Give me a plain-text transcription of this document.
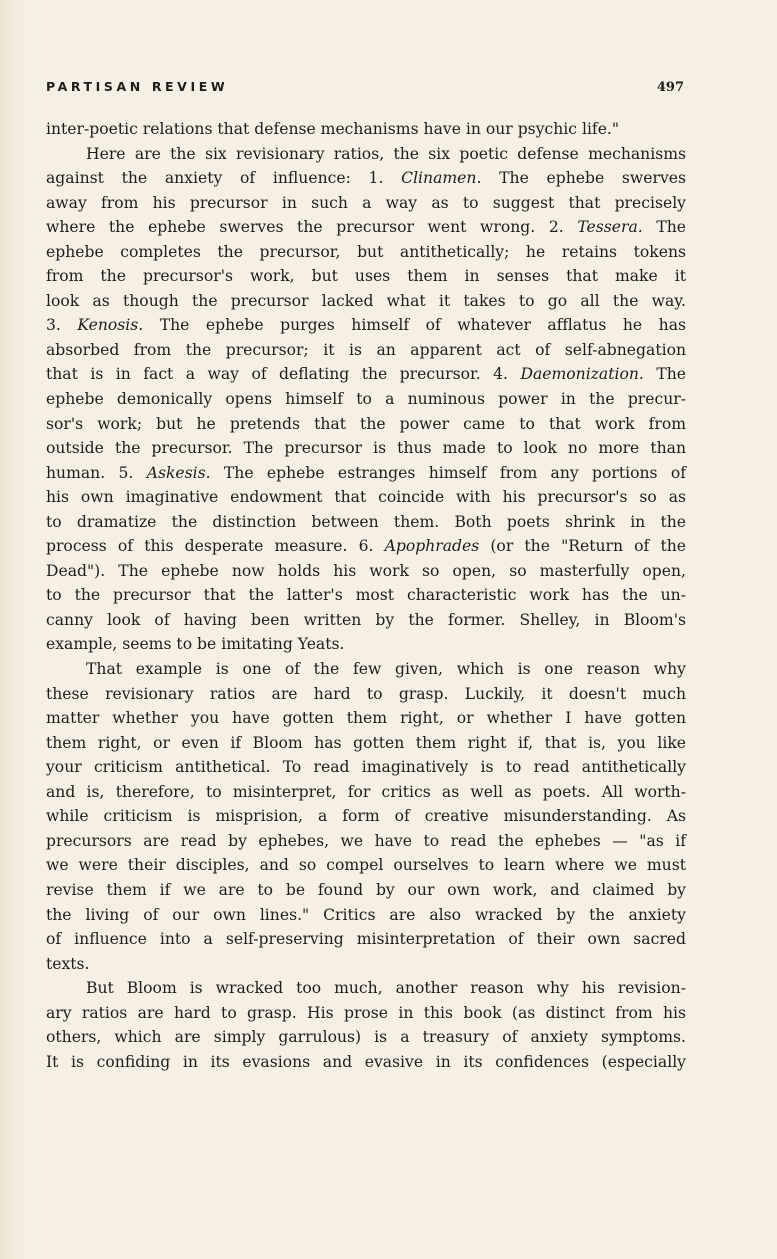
PARTISAN REVIEW	497
inter-poetic relations that defense mechanisms have in our psychic life."
Here are the six revisionary ratios, the six poetic defense mechanisms
against the anxiety of influence: 1. Clinamen. The ephebe swerves
away from his precursor in such a way as to suggest that precisely
where the ephebe swerves the precursor went wrong. 2. Tessera. The
ephebe completes the precursor, but antithetically; he retains tokens
from the precursor's work, but uses them in senses that make it
look as though the precursor lacked what it takes to go all the way.
3. Kenosis. The ephebe purges himself of whatever afflatus he has
absorbed from the precursor; it is an apparent act of self-abnegation
that is in fact a way of deflating the precursor. 4. Daemonization. The
ephebe demonically opens himself to a numinous power in the precur-
sor's work; but he pretends that the power came to that work from
outside the precursor. The precursor is thus made to look no more than
human. 5. Askesis. The ephebe estranges himself from any portions of
his own imaginative endowment that coincide with his precursor's so as
to dramatize the distinction between them. Both poets shrink in the
process of this desperate measure. 6. Apophrades (or the "Return of the
Dead"). The ephebe now holds his work so open, so masterfully open,
to the precursor that the latter's most characteristic work has the un-
canny look of having been written by the former. Shelley, in Bloom's
example, seems to be imitating Yeats.
That example is one of the few given, which is one reason why
these revisionary ratios are hard to grasp. Luckily, it doesn't much
matter whether you have gotten them right, or whether I have gotten
them right, or even if Bloom has gotten them right if, that is, you like
your criticism antithetical. To read imaginatively is to read antithetically
and is, therefore, to misinterpret, for critics as well as poets. All worth-
while criticism is misprision, a form of creative misunderstanding. As
precursors are read by ephebes, we have to read the ephebes — "as if
we were their disciples, and so compel ourselves to learn where we must
revise them if we are to be found by our own work, and claimed by
the living of our own lines." Critics are also wracked by the anxiety
of influence into a self-preserving misinterpretation of their own sacred
texts.
But Bloom is wracked too much, another reason why his revision-
ary ratios are hard to grasp. His prose in this book (as distinct from his
others, which are simply garrulous) is a treasury of anxiety symptoms.
It is confiding in its evasions and evasive in its confidences (especially
